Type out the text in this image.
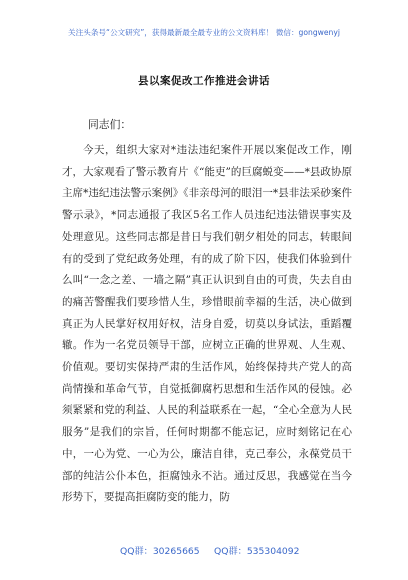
关注头条号“公文研究”，获得最新最全最专业的公文资料库！ 微信：gongwenyj
县以案促改工作推进会讲话
同志们：
今天，组织大家对*违法违纪案件开展以案促改工作，刚才，大家观看了警示教育片《“能吏”的巨腐蜕变——*县政协原主席*违纪违法警示案例》《非亲母河的眼泪一*县非法采砂案件警示录》，*同志通报了我区5名工作人员违纪违法错误事实及处理意见。这些同志都是昔日与我们朝夕相处的同志，转眼间有的受到了党纪政务处理，有的成了阶下囚，使我们体验到什么叫“一念之差、一墙之隔”真正认识到自由的可贵，失去自由的痛苦警醒我们要珍惜人生，珍惜眼前幸福的生活，决心做到真正为人民掌好权用好权，洁身自爱，切莫以身试法，重蹈覆辙。作为一名党员领导干部，应树立正确的世界观、人生观、价值观。要切实保持严肃的生活作风，始终保持共产党人的高尚情操和革命气节，自觉抵御腐朽思想和生活作风的侵蚀。必须紧紧和党的利益、人民的利益联系在一起，“全心全意为人民服务”是我们的宗旨，任何时期都不能忘记，应时刻铭记在心中，一心为党、一心为公，廉洁自律，克己奉公，永葆党员干部的纯洁公仆本色，拒腐蚀永不沾。通过反思，我感觉在当今形势下，要提高拒腐防变的能力，防
QQ群：30265665 QQ群：535304092
